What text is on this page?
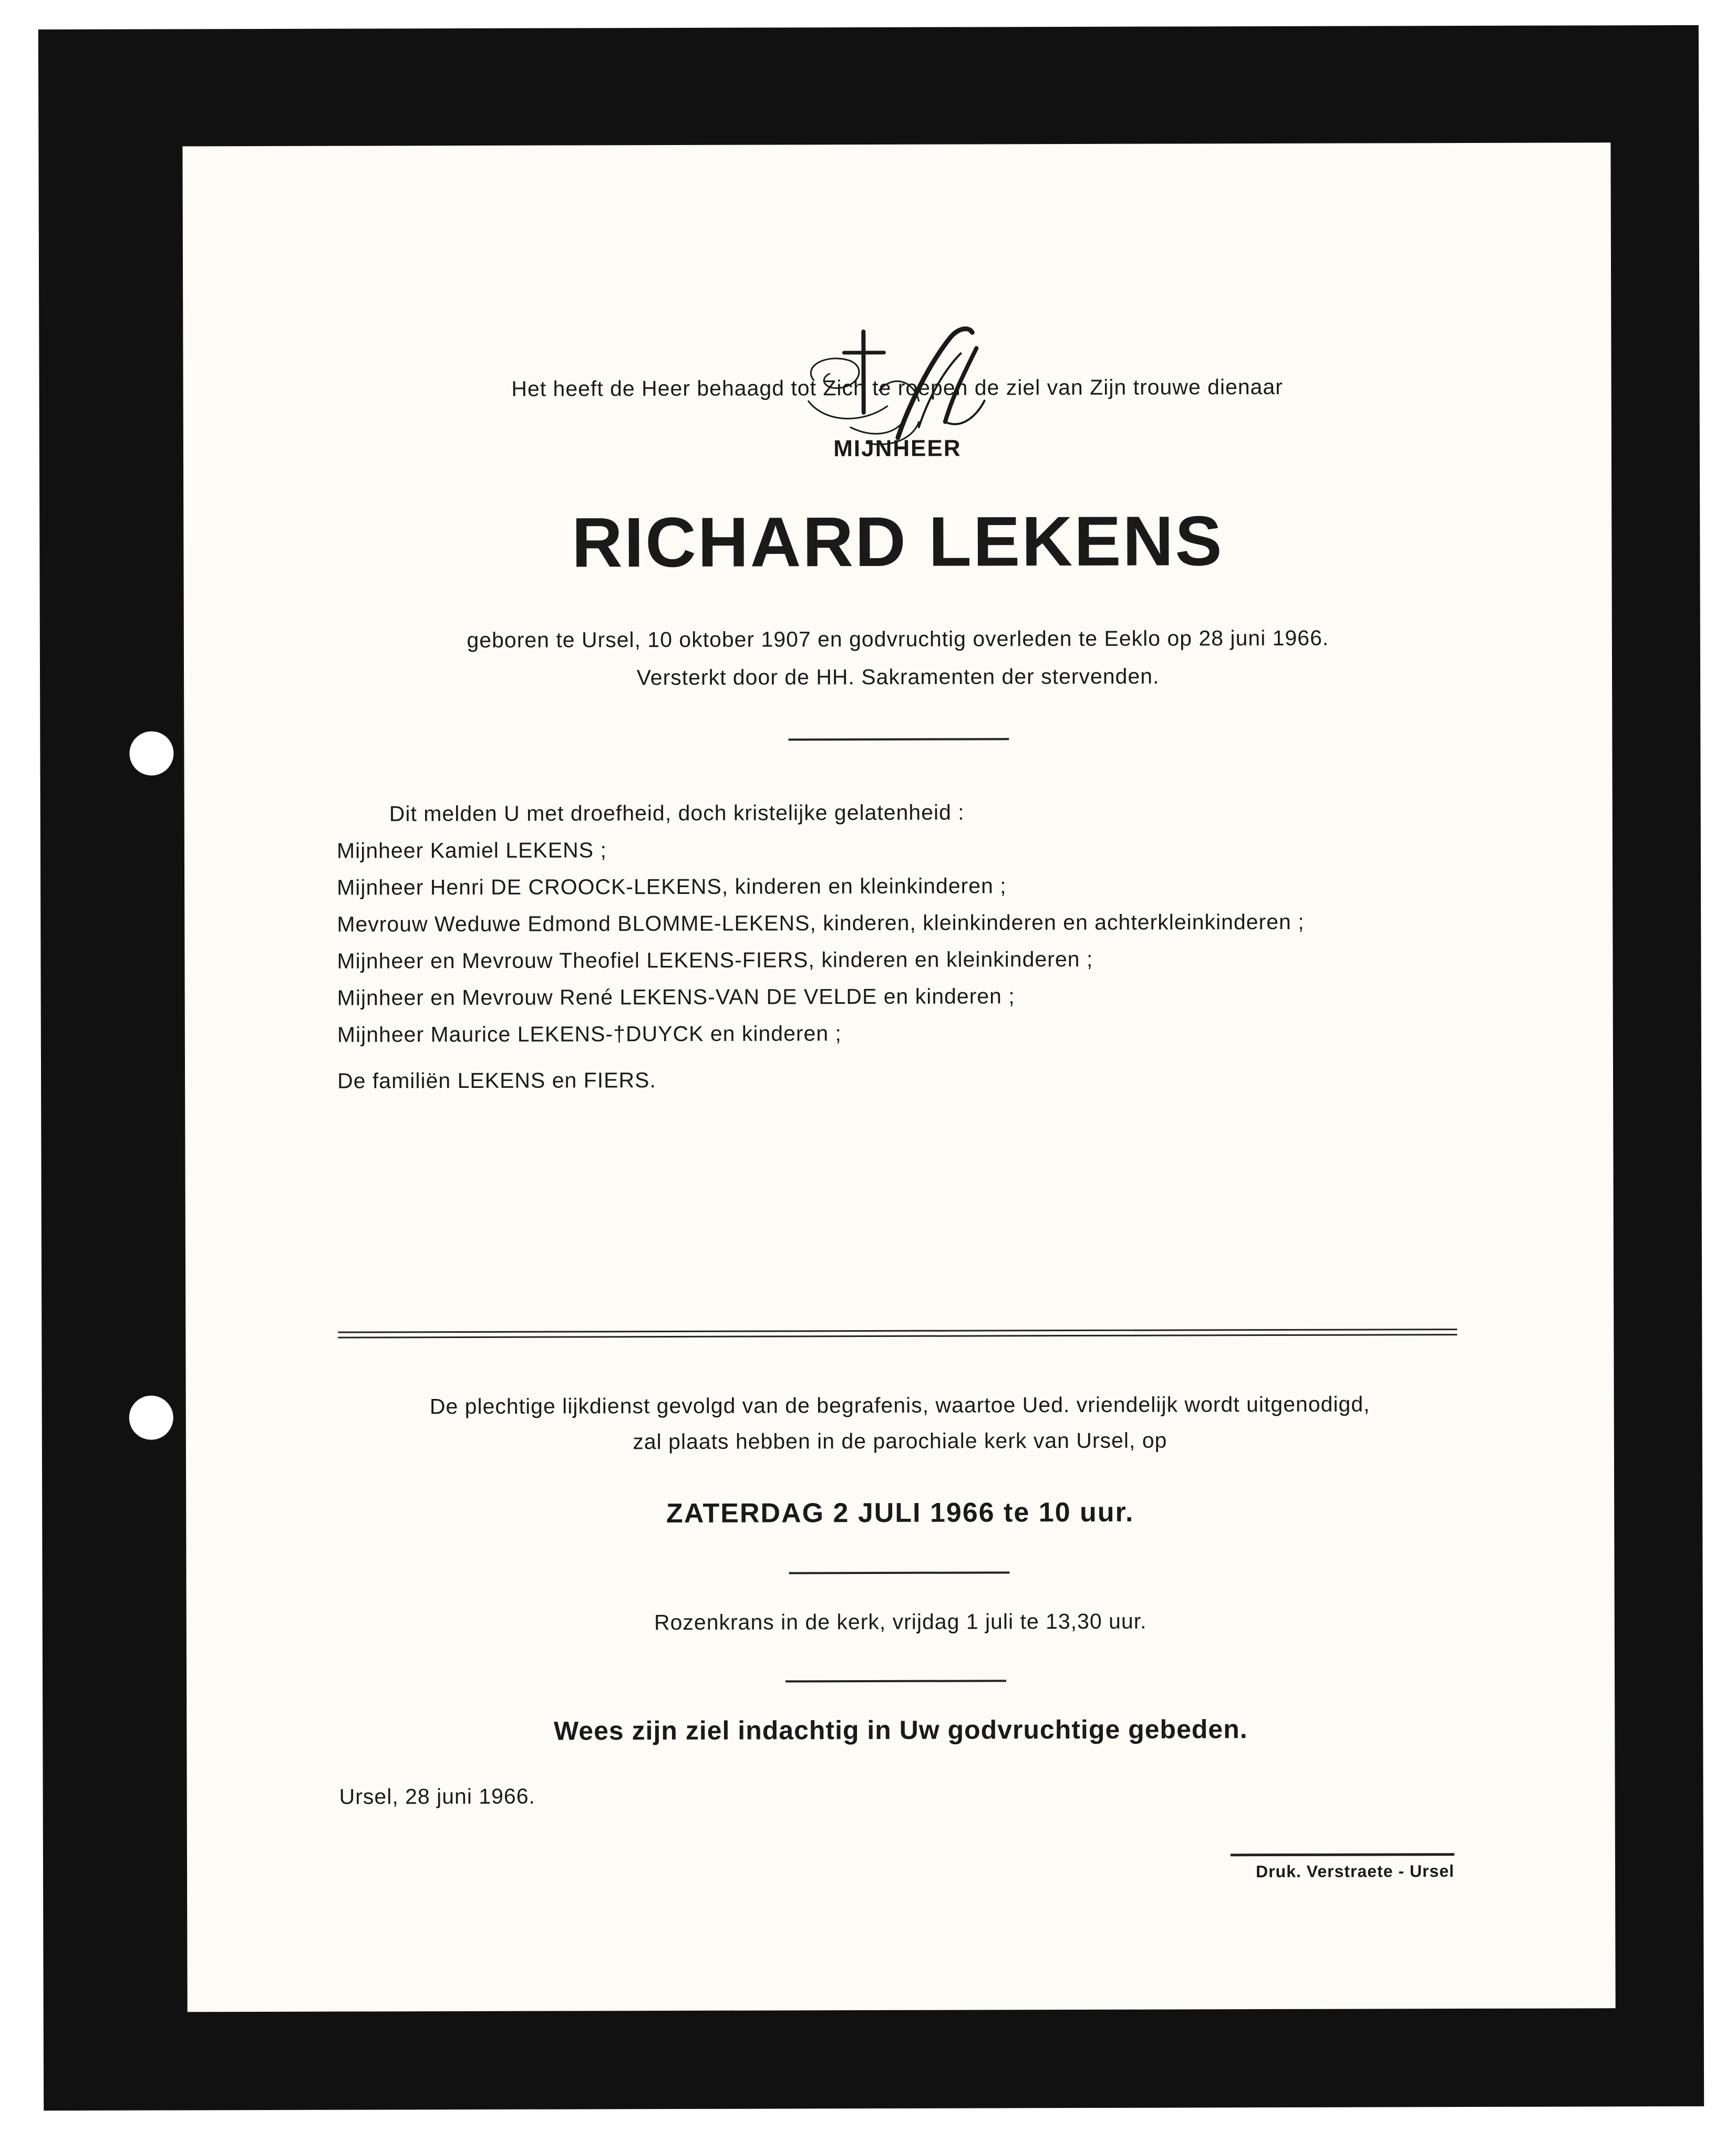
Het heeft de Heer behaagd tot Zich te roepen de ziel van Zijn trouwe dienaar

MIJNHEER

RICHARD LEKENS

geboren te Ursel, 10 oktober 1907 en godvruchtig overleden te Eeklo op 28 juni 1966.

Versterkt door de HH. Sakramenten der stervenden.

Dit melden U met droefheid, doch kristelijke gelatenheid :

Mijnheer Kamiel LEKENS ;

Mijnheer Henri DE CROOCK-LEKENS, kinderen en kleinkinderen ;

Mevrouw Weduwe Edmond BLOMME-LEKENS, kinderen, kleinkinderen en achterkleinkinderen ;

Mijnheer en Mevrouw Theofiel LEKENS-FIERS, kinderen en kleinkinderen ;

Mijnheer en Mevrouw René LEKENS-VAN DE VELDE en kinderen ;

Mijnheer Maurice LEKENS-†DUYCK en kinderen ;

De familiën LEKENS en FIERS.

De plechtige lijkdienst gevolgd van de begrafenis, waartoe Ued. vriendelijk wordt uitgenodigd,

zal plaats hebben in de parochiale kerk van Ursel, op

ZATERDAG 2 JULI 1966 te 10 uur.

Rozenkrans in de kerk, vrijdag 1 juli te 13,30 uur.

Wees zijn ziel indachtig in Uw godvruchtige gebeden.

Ursel, 28 juni 1966.

Druk. Verstraete - Ursel
